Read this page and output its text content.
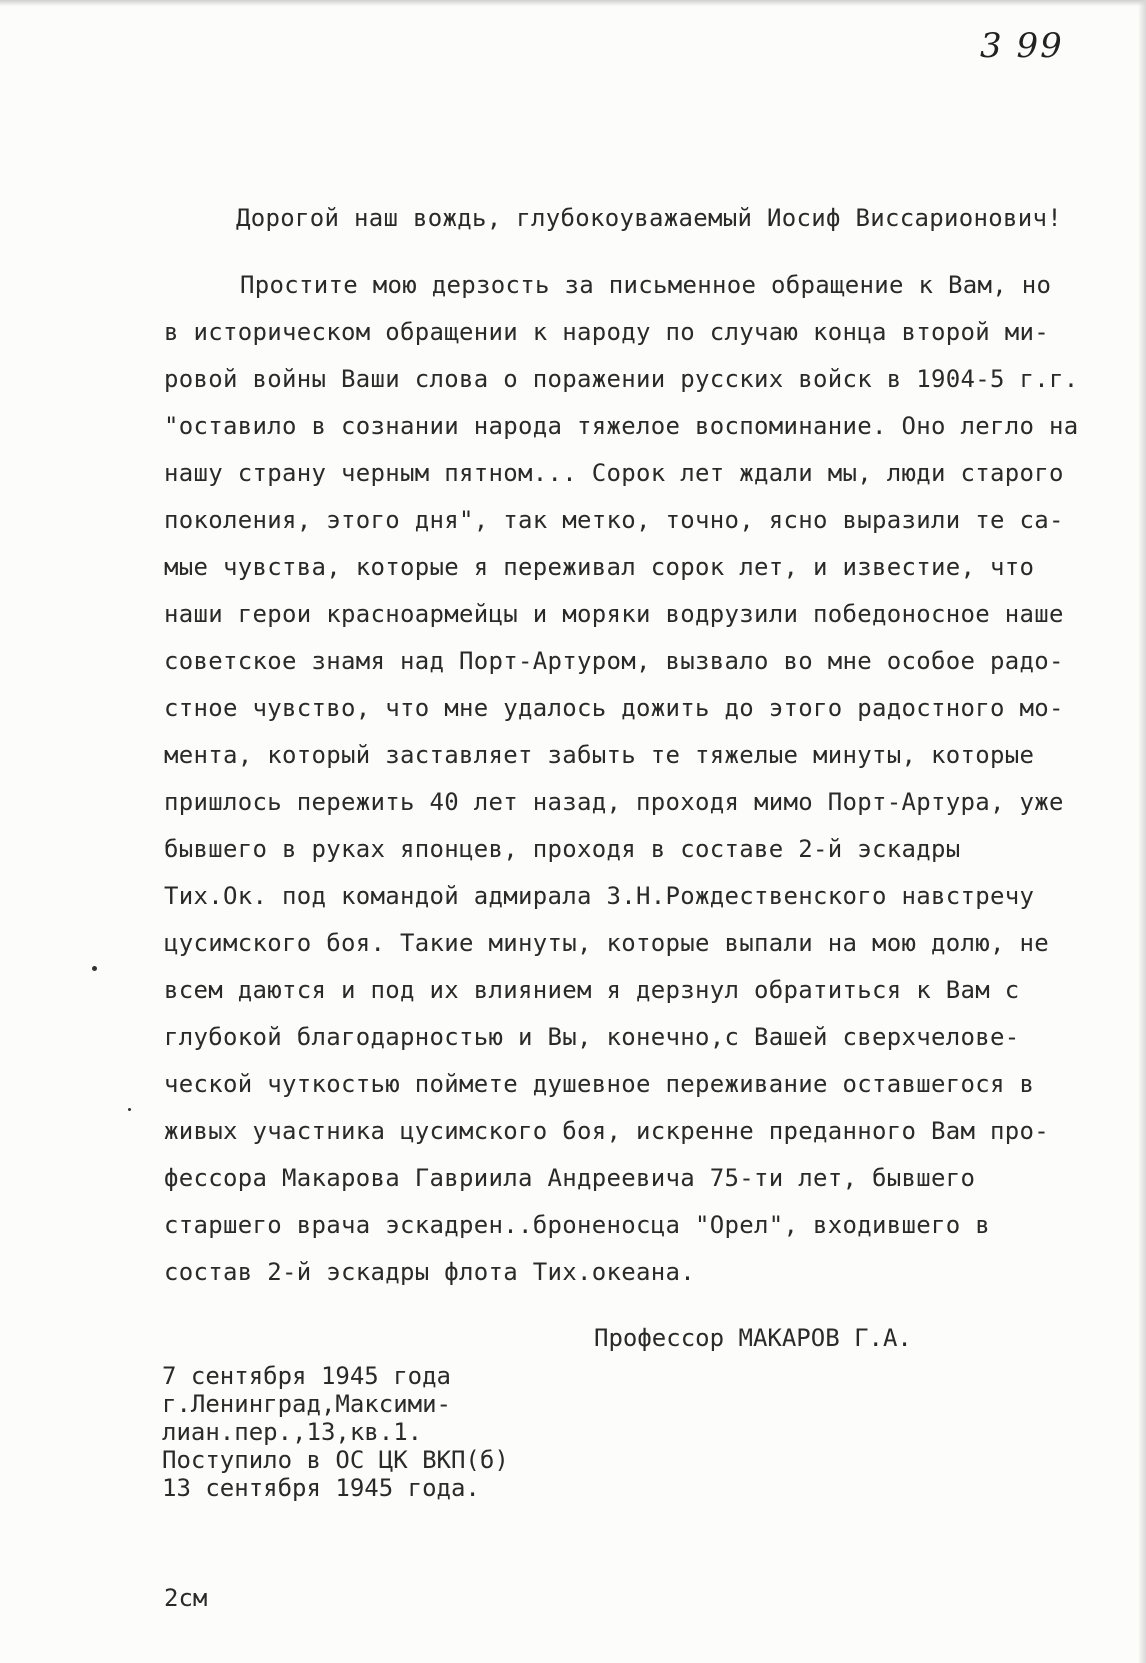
3 99
Дорогой наш вождь, глубокоуважаемый Иосиф Виссарионович!
Простите мою дерзость за письменное обращение к Вам, но
в историческом обращении к народу по случаю конца второй ми-
ровой войны Ваши слова о поражении русских войск в 1904-5 г.г.
"оставило в сознании народа тяжелое воспоминание. Оно легло на
нашу страну черным пятном... Сорок лет ждали мы, люди старого
поколения, этого дня", так метко, точно, ясно выразили те са-
мые чувства, которые я переживал сорок лет, и известие, что
наши герои красноармейцы и моряки водрузили победоносное наше
советское знамя над Порт-Артуром, вызвало во мне особое радо-
стное чувство, что мне удалось дожить до этого радостного мо-
мента, который заставляет забыть те тяжелые минуты, которые
пришлось пережить 40 лет назад, проходя мимо Порт-Артура, уже
бывшего в руках японцев, проходя в составе 2-й эскадры
Тих.Ок. под командой адмирала З.Н.Рождественского навстречу
цусимского боя. Такие минуты, которые выпали на мою долю, не
всем даются и под их влиянием я дерзнул обратиться к Вам с
глубокой благодарностью и Вы, конечно,с Вашей сверхчелове-
ческой чуткостью поймете душевное переживание оставшегося в
живых участника цусимского боя, искренне преданного Вам про-
фессора Макарова Гавриила Андреевича 75-ти лет, бывшего
старшего врача эскадрен..броненосца "Орел", входившего в
состав 2-й эскадры флота Тих.океана.
Профессор МАКАРОВ Г.А.
7 сентября 1945 года
г.Ленинград,Максими-
лиан.пер.,13,кв.1.
Поступило в ОС ЦК ВКП(б)
13 сентября 1945 года.
2см
